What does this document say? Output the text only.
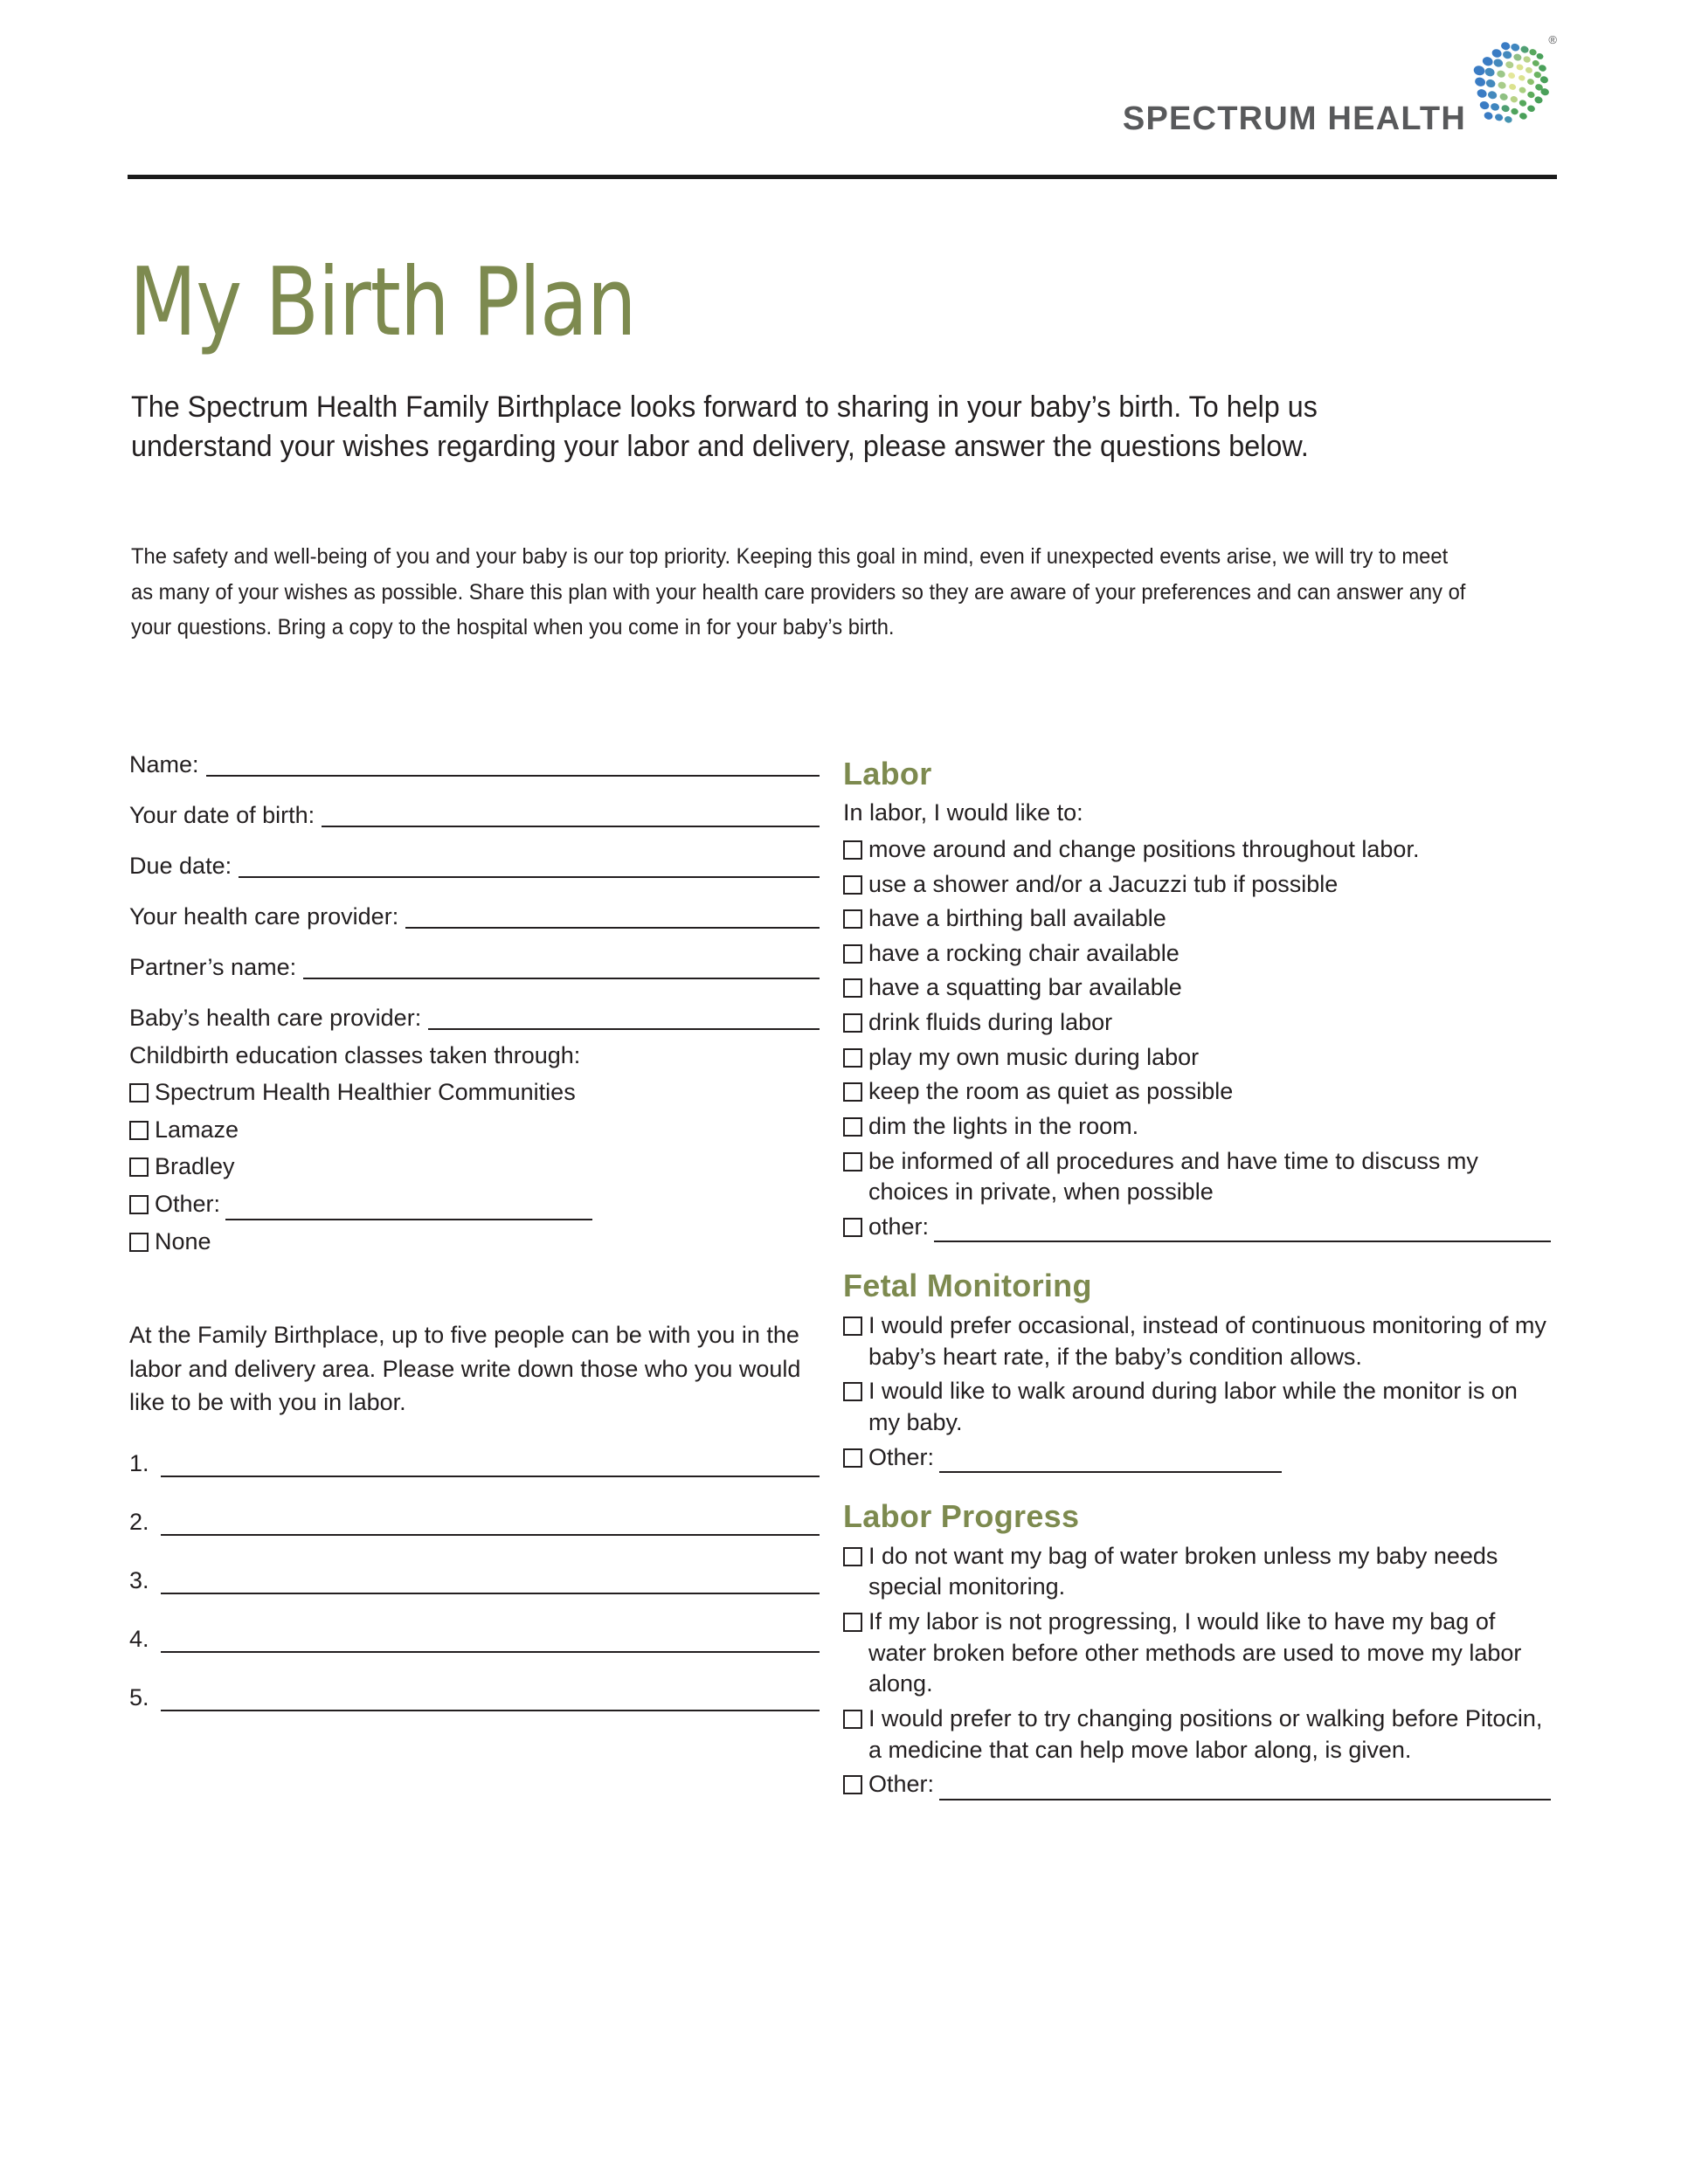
SPECTRUM HEALTH
®
My Birth Plan

The Spectrum Health Family Birthplace looks forward to sharing in your baby’s birth. To help us understand your wishes regarding your labor and delivery, please answer the questions below.

The safety and well-being of you and your baby is our top priority. Keeping this goal in mind, even if unexpected events arise, we will try to meet as many of your wishes as possible. Share this plan with your health care providers so they are aware of your preferences and can answer any of your questions. Bring a copy to the hospital when you come in for your baby’s birth.

Name:
Your date of birth:
Due date:
Your health care provider:
Partner’s name:
Baby’s health care provider:
Childbirth education classes taken through:
Spectrum Health Healthier Communities
Lamaze
Bradley
Other:
None

At the Family Birthplace, up to five people can be with you in the labor and delivery area. Please write down those who you would like to be with you in labor.

1.
2.
3.
4.
5.
Labor
In labor, I would like to:
move around and change positions throughout labor.
use a shower and/or a Jacuzzi tub if possible
have a birthing ball available
have a rocking chair available
have a squatting bar available
drink fluids during labor
play my own music during labor
keep the room as quiet as possible
dim the lights in the room.
be informed of all procedures and have time to discuss my choices in private, when possible
other:
Fetal Monitoring
I would prefer occasional, instead of continuous monitoring of my baby’s heart rate, if the baby’s condition allows.
I would like to walk around during labor while the monitor is on my baby.
Other:
Labor Progress
I do not want my bag of water broken unless my baby needs special monitoring.
If my labor is not progressing, I would like to have my bag of water broken before other methods are used to move my labor along.
I would prefer to try changing positions or walking before Pitocin, a medicine that can help move labor along, is given.
Other:
